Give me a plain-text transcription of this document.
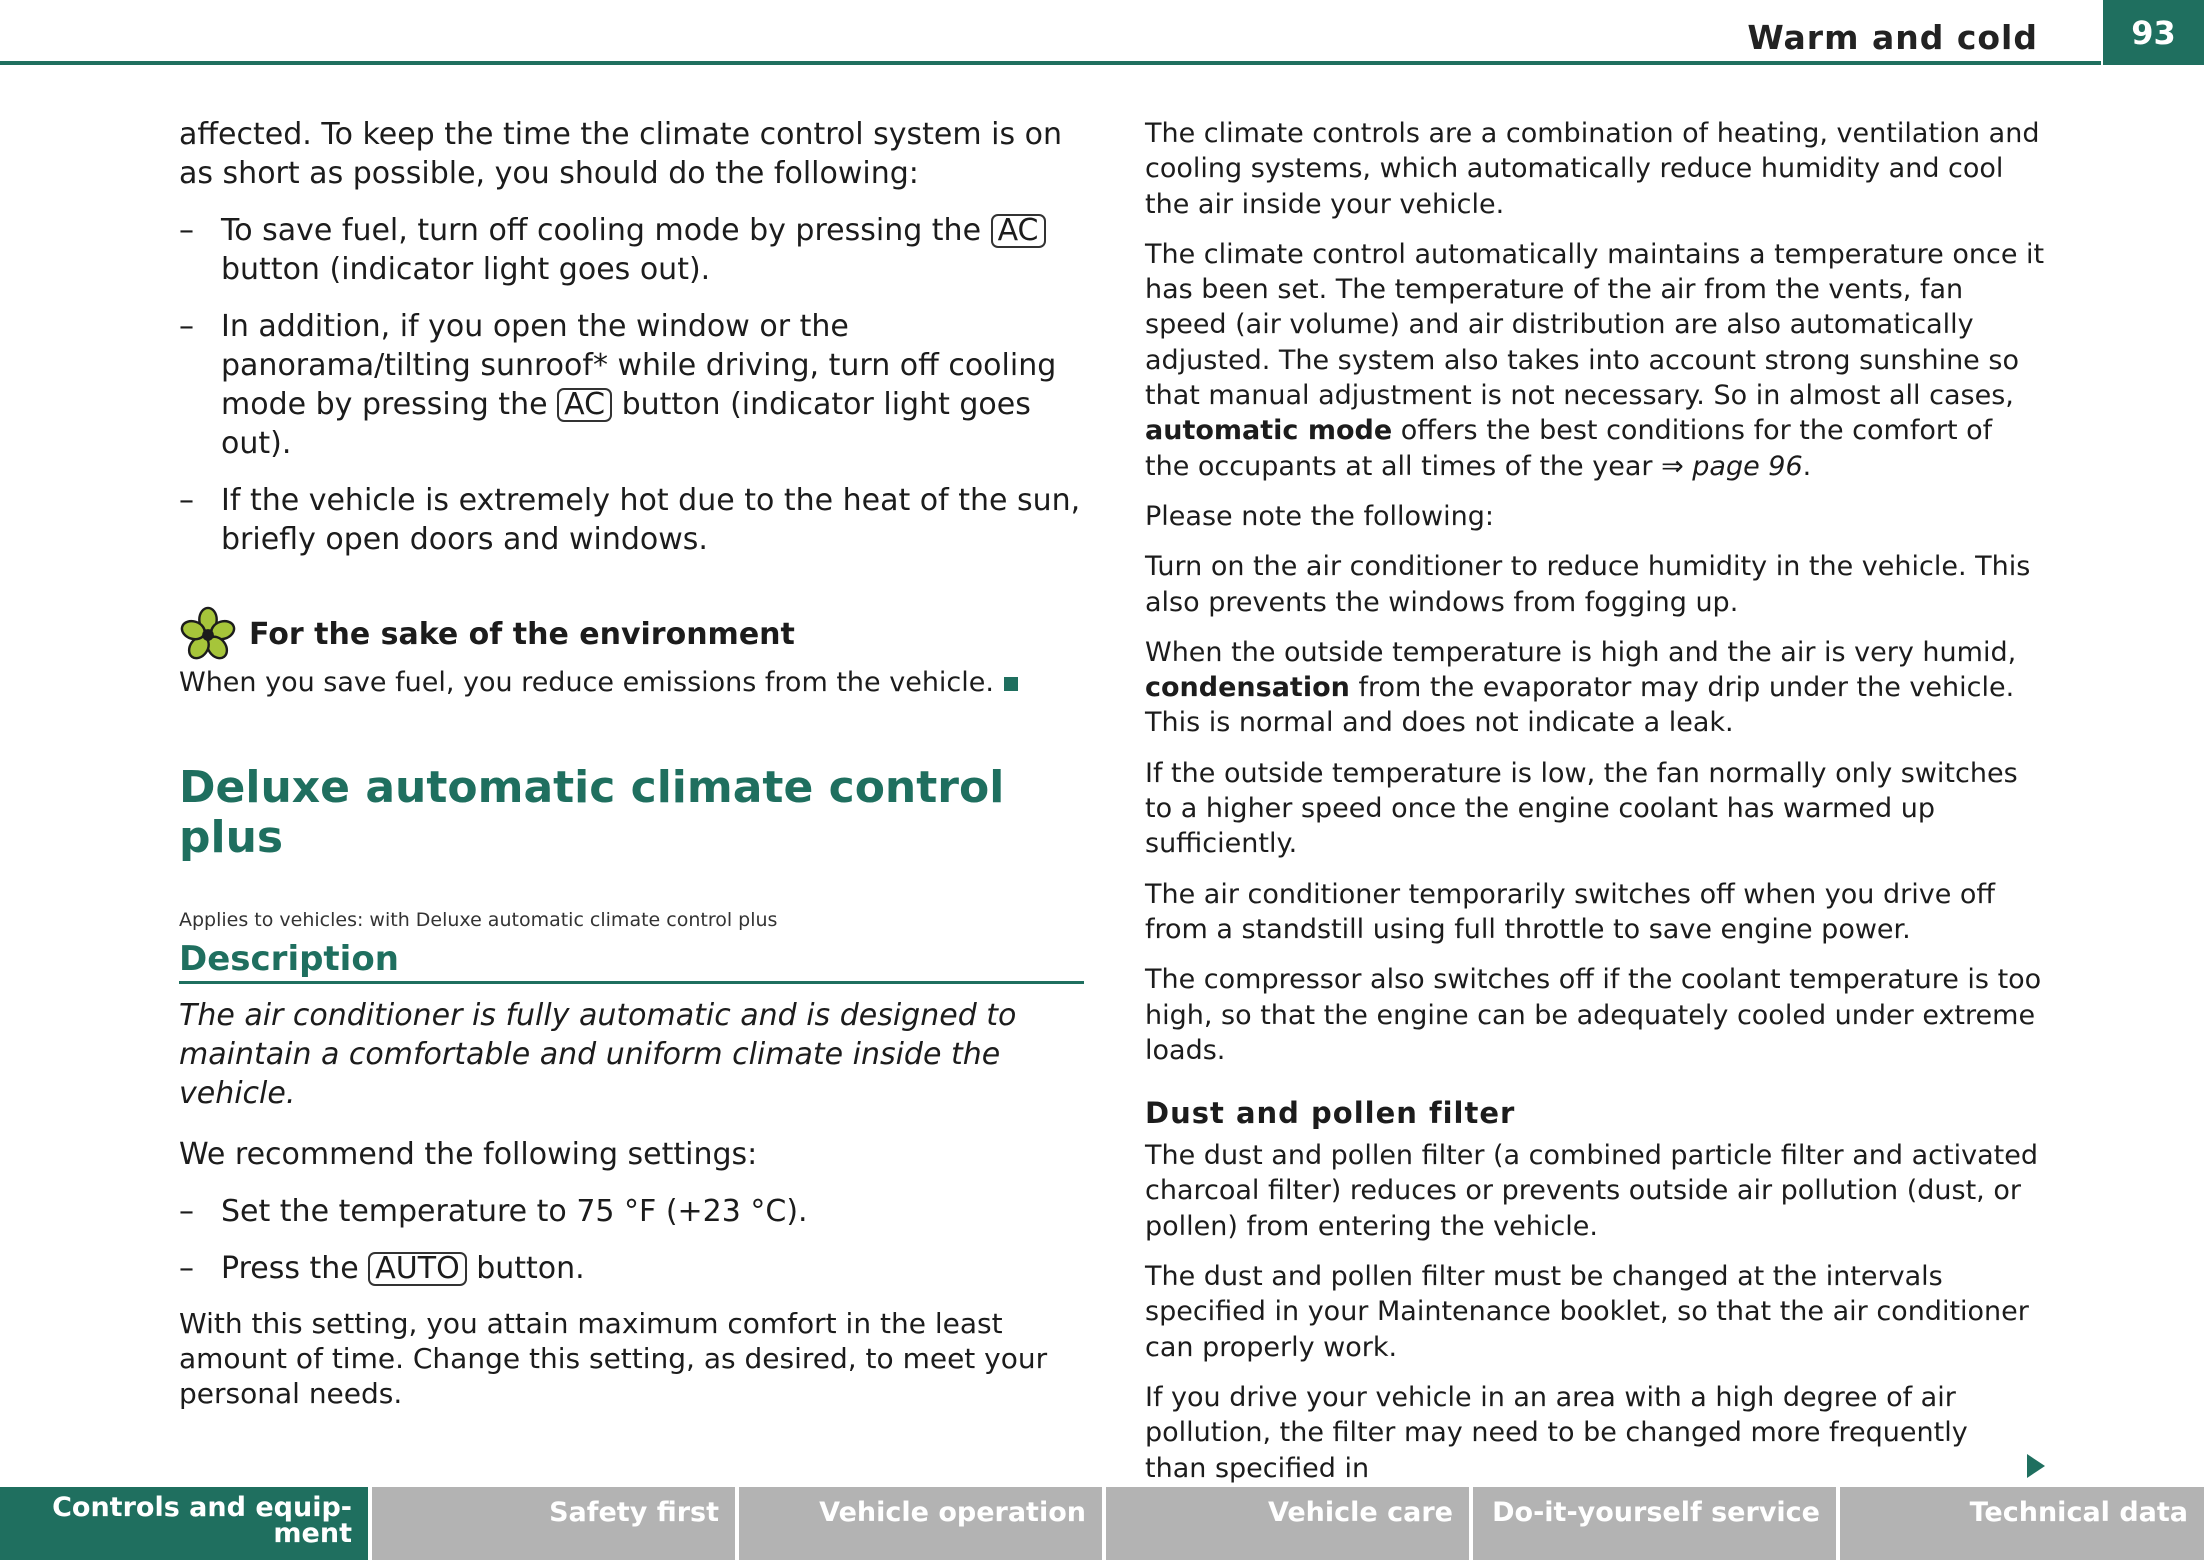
Warm and cold	93

affected. To keep the time the climate control system is on as short as possible, you should do the following:

– To save fuel, turn off cooling mode by pressing the AC button (indicator light goes out).
– In addition, if you open the window or the panorama/tilting sunroof* while driving, turn off cooling mode by pressing the AC button (indicator light goes out).
– If the vehicle is extremely hot due to the heat of the sun, briefly open doors and windows.
For the sake of the environment
When you save fuel, you reduce emissions from the vehicle.
Deluxe automatic climate control plus
Applies to vehicles: with Deluxe automatic climate control plus
Description

The air conditioner is fully automatic and is designed to maintain a comfortable and uniform climate inside the vehicle.

We recommend the following settings:

– Set the temperature to 75 °F (+23 °C).
– Press the AUTO button.

With this setting, you attain maximum comfort in the least amount of time. Change this setting, as desired, to meet your personal needs.

The climate controls are a combination of heating, ventilation and cooling systems, which automatically reduce humidity and cool the air inside your vehicle.

The climate control automatically maintains a temperature once it has been set. The temperature of the air from the vents, fan speed (air volume) and air distribution are also automatically adjusted. The system also takes into account strong sunshine so that manual adjustment is not necessary. So in almost all cases, automatic mode offers the best conditions for the comfort of the occupants at all times of the year ⇒ page 96.

Please note the following:

Turn on the air conditioner to reduce humidity in the vehicle. This also prevents the windows from fogging up.

When the outside temperature is high and the air is very humid, condensation from the evaporator may drip under the vehicle. This is normal and does not indicate a leak.

If the outside temperature is low, the fan normally only switches to a higher speed once the engine coolant has warmed up sufficiently.

The air conditioner temporarily switches off when you drive off from a standstill using full throttle to save engine power.

The compressor also switches off if the coolant temperature is too high, so that the engine can be adequately cooled under extreme loads.

Dust and pollen filter

The dust and pollen filter (a combined particle filter and activated charcoal filter) reduces or prevents outside air pollution (dust, or pollen) from entering the vehicle.

The dust and pollen filter must be changed at the intervals specified in your Maintenance booklet, so that the air conditioner can properly work.

If you drive your vehicle in an area with a high degree of air pollution, the filter may need to be changed more frequently than specified in

Controls and equip-
ment
Safety first	Vehicle operation	Vehicle care	Do-it-yourself service	Technical data
